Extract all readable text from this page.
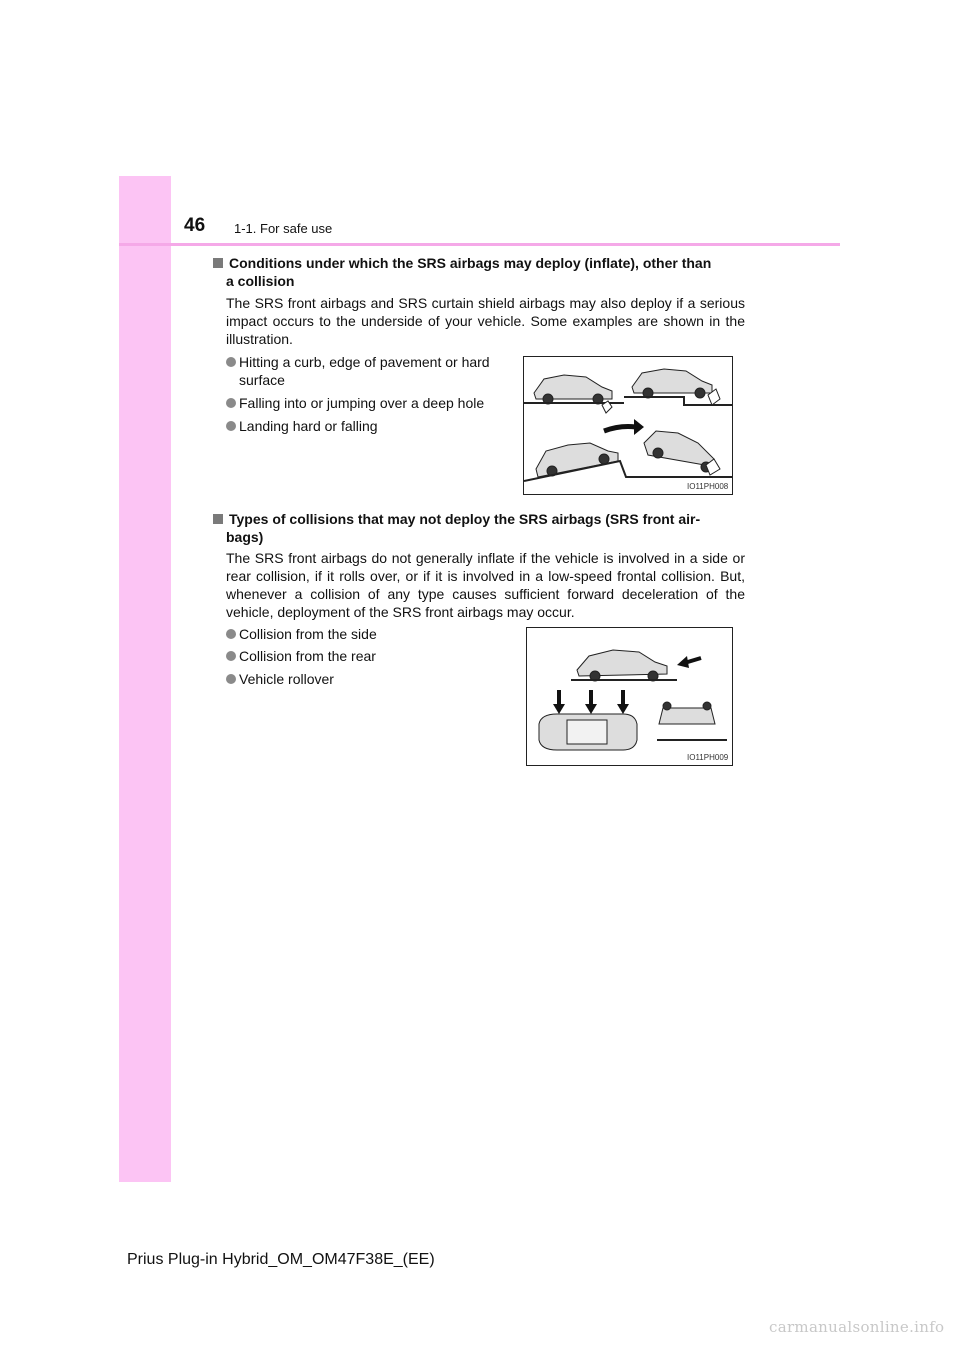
46 1-1. For safe use
Conditions under which the SRS airbags may deploy (inflate), other than
a collision
The SRS front airbags and SRS curtain shield airbags may also deploy if a serious impact occurs to the underside of your vehicle. Some examples are shown in the illustration.
Hitting a curb, edge of pavement or hard
surface
Falling into or jumping over a deep hole
Landing hard or falling
IO11PH008
Types of collisions that may not deploy the SRS airbags (SRS front air-
bags)
The SRS front airbags do not generally inflate if the vehicle is involved in a side or rear collision, if it rolls over, or if it is involved in a low-speed frontal collision. But, whenever a collision of any type causes sufficient forward deceleration of the vehicle, deployment of the SRS front airbags may occur.
Collision from the side
Collision from the rear
Vehicle rollover
IO11PH009
Prius Plug-in Hybrid_OM_OM47F38E_(EE)
carmanualsonline.info
